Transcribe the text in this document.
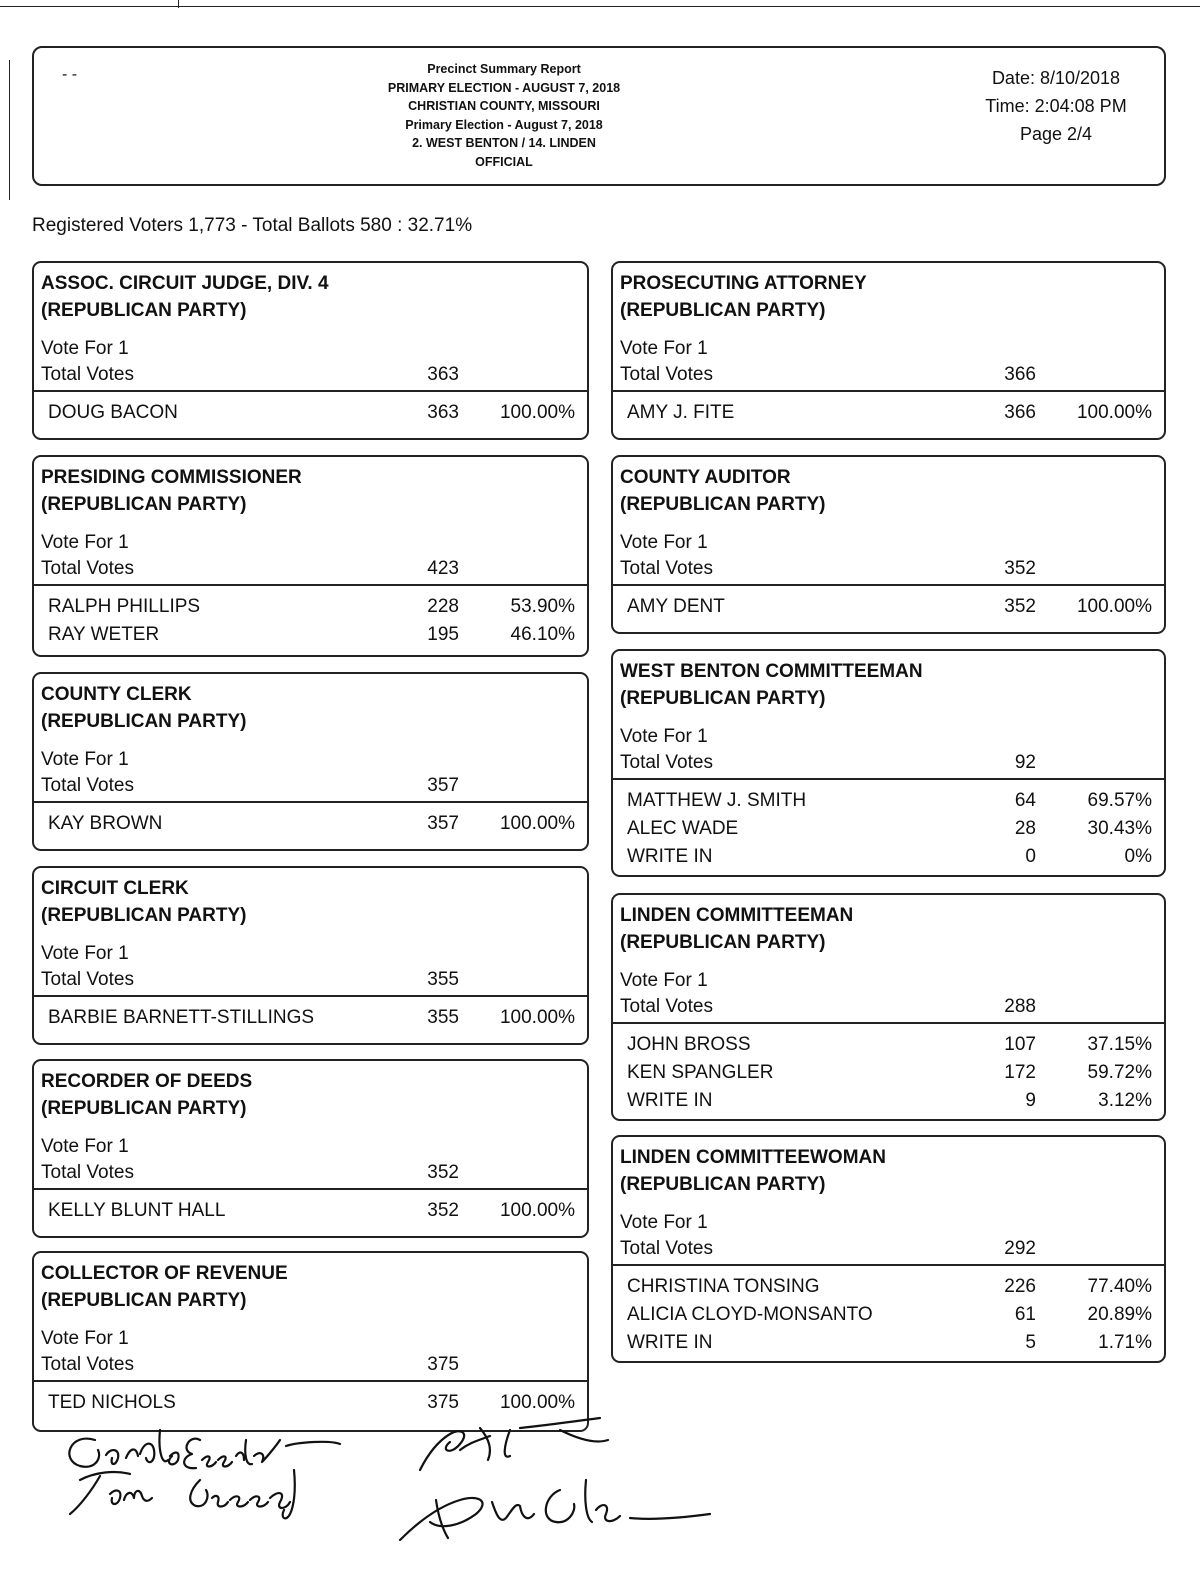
- -	Precinct Summary Report
PRIMARY ELECTION - AUGUST 7, 2018
CHRISTIAN COUNTY, MISSOURI
Primary Election - August 7, 2018
2. WEST BENTON / 14. LINDEN
OFFICIAL
Date: 8/10/2018
Time: 2:04:08 PM
Page 2/4
Registered Voters 1,773 - Total Ballots 580 : 32.71%
ASSOC. CIRCUIT JUDGE, DIV. 4
(REPUBLICAN PARTY)
Vote For 1
Total Votes	363
DOUG BACON	363 100.00%
PRESIDING COMMISSIONER
(REPUBLICAN PARTY)
Vote For 1
Total Votes	423
RALPH PHILLIPS	228	53.90%
RAY WETER	195	46.10%
COUNTY CLERK
(REPUBLICAN PARTY)
Vote For 1
Total Votes	357
KAY BROWN	357 100.00%
CIRCUIT CLERK
(REPUBLICAN PARTY)
Vote For 1
Total Votes	355
BARBIE BARNETT-STILLINGS	355 100.00%
RECORDER OF DEEDS
(REPUBLICAN PARTY)
Vote For 1
Total Votes	352
KELLY BLUNT HALL	352 100.00%
COLLECTOR OF REVENUE
(REPUBLICAN PARTY)
Vote For 1
Total Votes	375
TED NICHOLS	375 100.00%
PROSECUTING ATTORNEY
(REPUBLICAN PARTY)
Vote For 1
Total Votes	366
AMY J. FITE	366 100.00%
COUNTY AUDITOR
(REPUBLICAN PARTY)
Vote For 1
Total Votes	352
AMY DENT	352 100.00%
WEST BENTON COMMITTEEMAN
(REPUBLICAN PARTY)
Vote For 1
Total Votes	92
MATTHEW J. SMITH	64	69.57%
ALEC WADE	28	30.43%
WRITE IN	0	0%
LINDEN COMMITTEEMAN
(REPUBLICAN PARTY)
Vote For 1
Total Votes	288
JOHN BROSS	107	37.15%
KEN SPANGLER	172	59.72%
WRITE IN	9	3.12%
LINDEN COMMITTEEWOMAN
(REPUBLICAN PARTY)
Vote For 1
Total Votes	292
CHRISTINA TONSING	226	77.40%
ALICIA CLOYD-MONSANTO	61	20.89%
WRITE IN	5	1.71%
